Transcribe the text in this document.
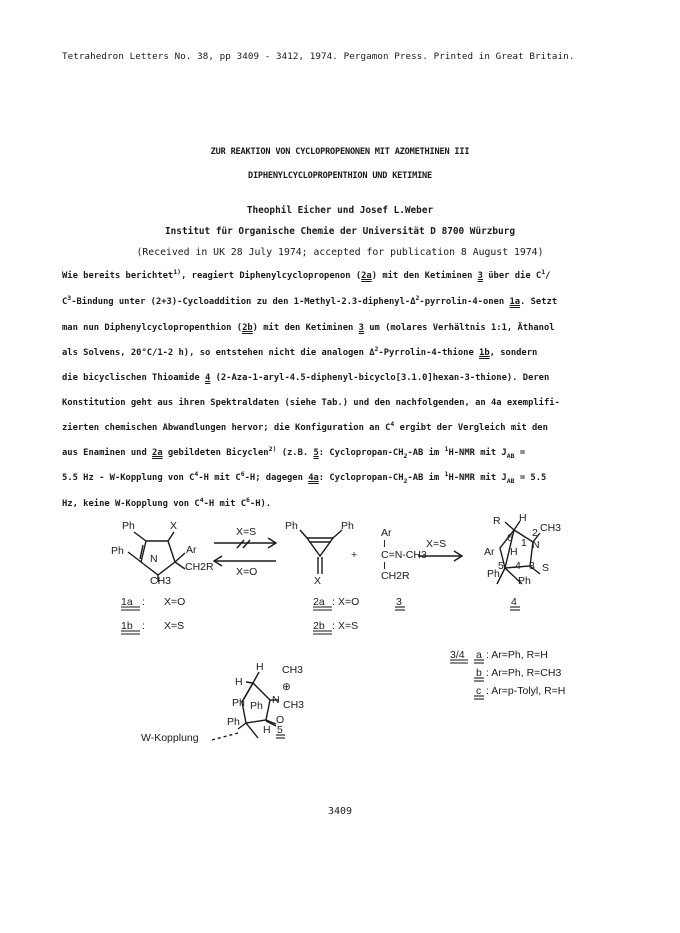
Tetrahedron Letters No. 38, pp 3409 - 3412, 1974. Pergamon Press. Printed in Great Britain.
ZUR REAKTION VON CYCLOPROPENONEN MIT AZOMETHINEN III
DIPHENYLCYCLOPROPENTHION UND KETIMINE
Theophil Eicher und Josef L.Weber
Institut für Organische Chemie der Universität D 8700 Würzburg
(Received in UK 28 July 1974; accepted for publication 8 August 1974)
Wie bereits berichtet$^{1)}$, reagiert Diphenylcyclopropenon (2a) mit den Ketiminen 3 über die $C^1/$
$C^3$-Bindung unter (2+3)-Cycloaddition zu den $1-Methyl-2.3-diphenyl-\Delta^2-pyrrolin-4$-onen 1a. Setzt
man nun Diphenylcyclopropenthion (2b) mit den Ketiminen 3 um (molares Verhältnis 1:1, Äthanol
als Solvens, 20°C/1-2 h), so entstehen nicht die analogen $\Delta^2-Pyrrolin-4$-thione 1b, sondern
die bicyclischen Thioamide 4 (2-Aza-1-aryl-4.5-diphenyl-bicyclo[3.1.0]hexan-3-thione). Deren
Konstitution geht aus ihren Spektraldaten (siehe Tab.) und den nachfolgenden, an 4a exemplifi-
zierten chemischen Abwandlungen hervor; die Konfiguration an $C^4$ ergibt der Vergleich mit den
aus Enaminen und 2a gebildeten Bicyclen$^{2)}$ (z.B. 5: Cyclopropan-$CH_2-AB$ im $^1$H-NMR mit $J_{AB}$ =
5.5 Hz - W-Kopplung von $C^4-H$ mit $C^6-H$; dagegen 4a: Cyclopropan-$CH_2-AB$ im $^1$H-NMR mit $J_{AB} = 5.5$
Hz, keine W-Kopplung von $C^4-H$ mit $C^6-H$).
Ph	X
Ph	Ar
N
CH2R
CH3
X=S
X=O
Ph	Ph
X
+
Ar
I
C=N-CH3
I
CH2R
X=S
R H
2 CH3
6 1 N
Ar H
5 4 3 S
Ph
Ph
1a : X=O
1b : X=S
2a : X=O
2b : X=S
3	4
3/4 a : Ar=Ph, R=H
b : Ar=Ph, R=CH3
c : Ar=p-Tolyl, R=H
H CH3
H	⊕
N CH3
Ph Ph
O
Ph
H 5
W-Kopplung
3409
